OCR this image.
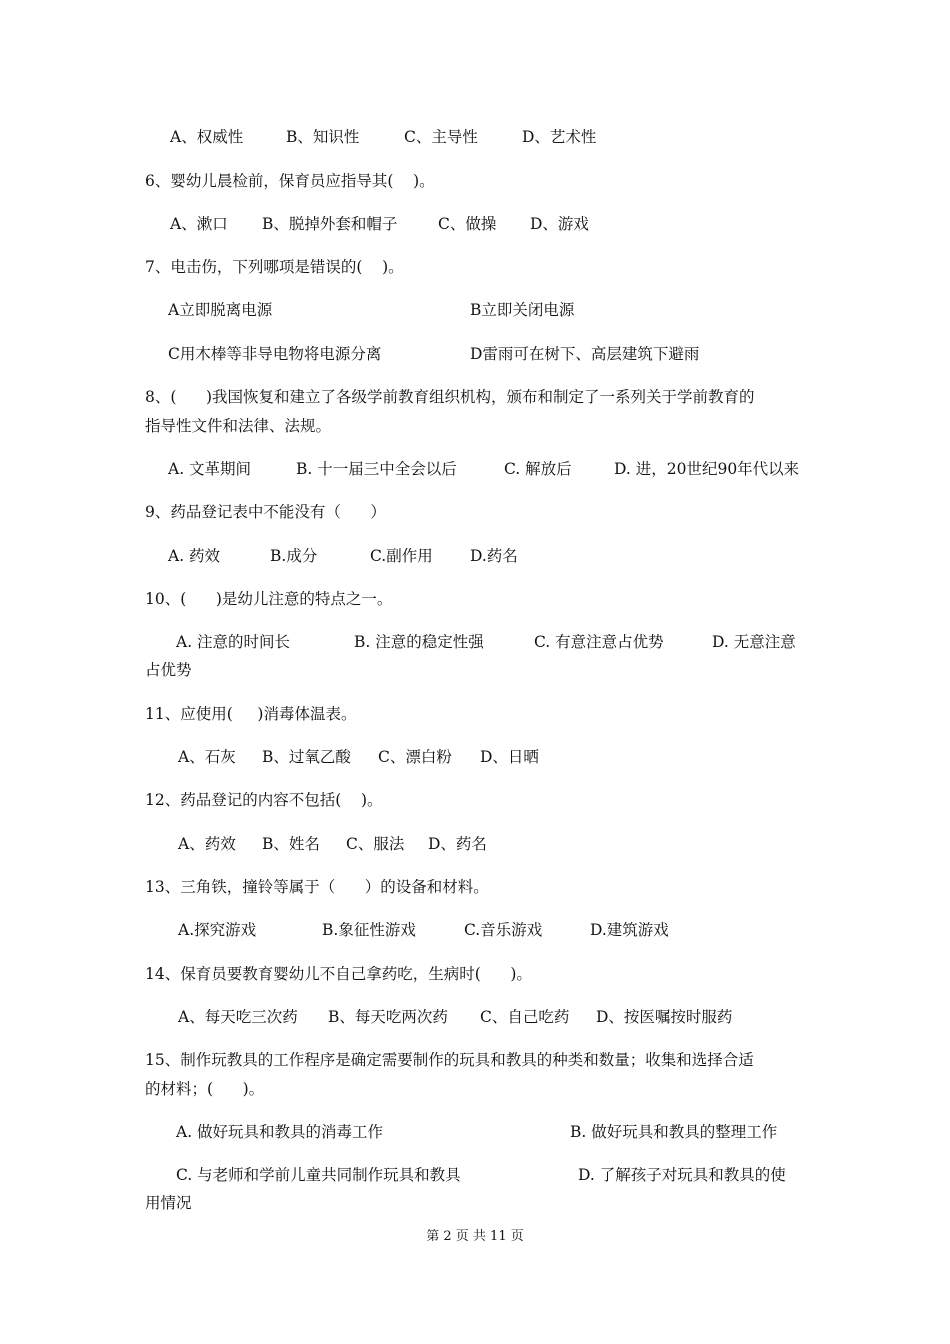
A、权威性	B、知识性	C、主导性	D、艺术性
6、婴幼儿晨检前，保育员应指导其(    )。
A、漱口 B、脱掉外套和帽子	C、做操 D、游戏
7、电击伤，下列哪项是错误的(    )。
A立即脱离电源	B立即关闭电源
C用木棒等非导电物将电源分离	D雷雨可在树下、高层建筑下避雨
8、(      )我国恢复和建立了各级学前教育组织机构，颁布和制定了一系列关于学前教育的
指导性文件和法律、法规。
A. 文革期间	B. 十一届三中全会以后	C. 解放后	D. 进，20世纪90年代以来
9、药品登记表中不能没有（      ）
A. 药效	B.成分	C.副作用 D.药名
10、(      )是幼儿注意的特点之一。
A. 注意的时间长	B. 注意的稳定性强	C. 有意注意占优势	D. 无意注意
占优势
11、应使用(     )消毒体温表。
A、石灰 B、过氧乙酸 C、漂白粉 D、日晒
12、药品登记的内容不包括(    )。
A、药效 B、姓名 C、服法 D、药名
13、三角铁，撞铃等属于（      ）的设备和材料。
A.探究游戏	B.象征性游戏	C.音乐游戏	D.建筑游戏
14、保育员要教育婴幼儿不自己拿药吃，生病时(      )。
A、每天吃三次药 B、每天吃两次药 C、自己吃药 D、按医嘱按时服药
15、制作玩教具的工作程序是确定需要制作的玩具和教具的种类和数量；收集和选择合适
的材料；(      )。
A. 做好玩具和教具的消毒工作	B. 做好玩具和教具的整理工作
C. 与老师和学前儿童共同制作玩具和教具	D. 了解孩子对玩具和教具的使
用情况
第 2 页 共 11 页
